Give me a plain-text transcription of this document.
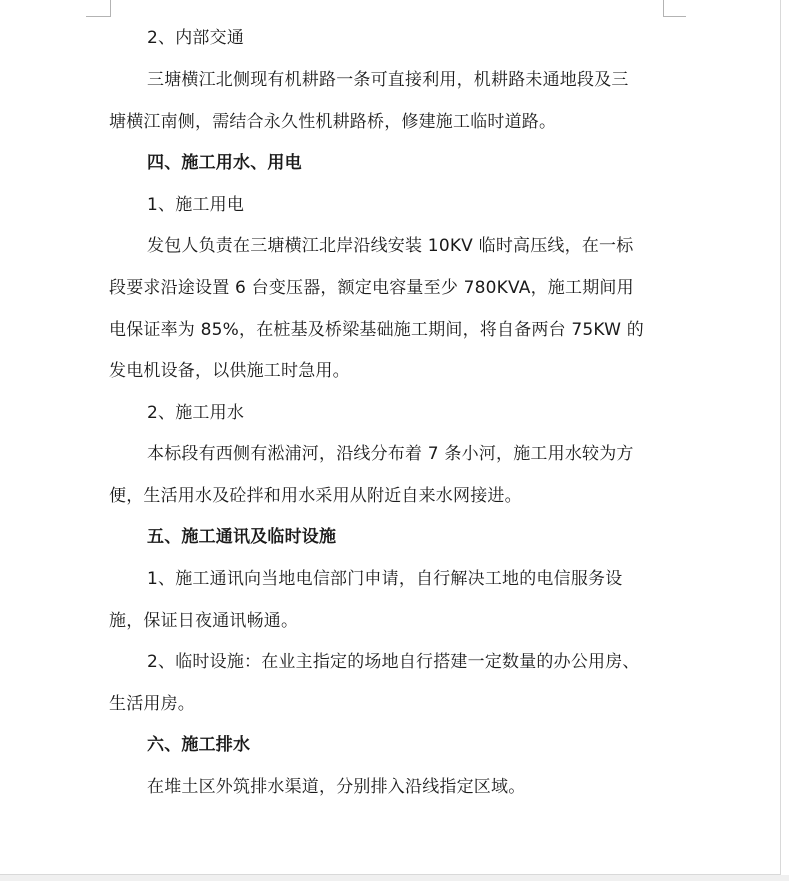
2、内部交通
三塘横江北侧现有机耕路一条可直接利用，机耕路未通地段及三
塘横江南侧，需结合永久性机耕路桥，修建施工临时道路。
四、施工用水、用电
1、施工用电
发包人负责在三塘横江北岸沿线安装 10KV 临时高压线，在一标
段要求沿途设置 6 台变压器，额定电容量至少 780KVA，施工期间用
电保证率为 85%，在桩基及桥梁基础施工期间，将自备两台 75KW 的
发电机设备，以供施工时急用。
2、施工用水
本标段有西侧有淞浦河，沿线分布着 7 条小河，施工用水较为方
便，生活用水及砼拌和用水采用从附近自来水网接进。
五、施工通讯及临时设施
1、施工通讯向当地电信部门申请，自行解决工地的电信服务设
施，保证日夜通讯畅通。
2、临时设施：在业主指定的场地自行搭建一定数量的办公用房、
生活用房。
六、施工排水
在堆土区外筑排水渠道，分别排入沿线指定区域。
